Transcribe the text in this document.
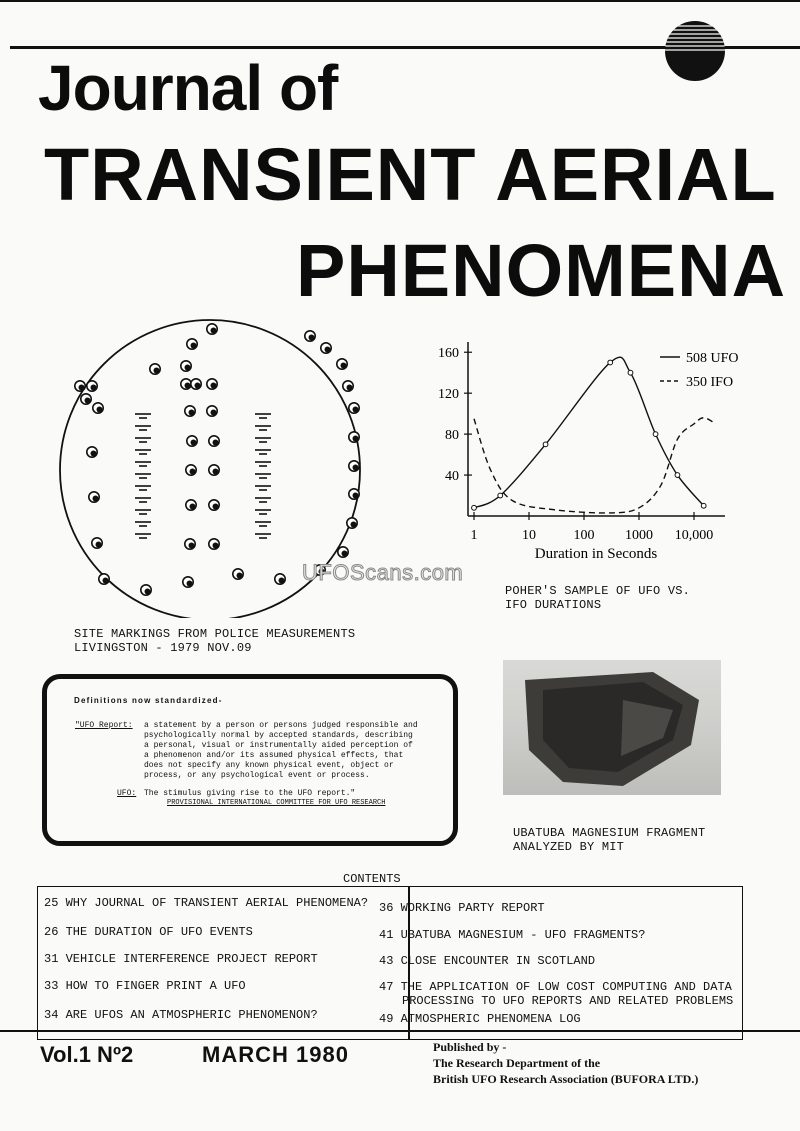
Journal of
TRANSIENT AERIAL
PHENOMENA
SITE MARKINGS FROM POLICE MEASUREMENTS
LIVINGSTON - 1979 NOV.09
40
80
120
160
1	10	100 1000 10,000
508 UFO
350 IFO
Duration in Seconds
POHER'S SAMPLE OF UFO VS.
IFO DURATIONS
UFOScans.com
Definitions now standardized-
"UFO Report: a statement by a person or persons judged responsible and
psychologically normal by accepted standards, describing
a personal, visual or instrumentally aided perception of
a phenomenon and/or its assumed physical effects, that
does not specify any known physical event, object or
process, or any psychological event or process.
UFO: The stimulus giving rise to the UFO report."
PROVISIONAL INTERNATIONAL COMMITTEE FOR UFO RESEARCH
UBATUBA MAGNESIUM FRAGMENT
ANALYZED BY MIT
CONTENTS
25 WHY JOURNAL OF TRANSIENT AERIAL PHENOMENA?
26 THE DURATION OF UFO EVENTS
31 VEHICLE INTERFERENCE PROJECT REPORT
33 HOW TO FINGER PRINT A UFO
34 ARE UFOS AN ATMOSPHERIC PHENOMENON?
36 WORKING PARTY REPORT
41 UBATUBA MAGNESIUM - UFO FRAGMENTS?
43 CLOSE ENCOUNTER IN SCOTLAND
47 THE APPLICATION OF LOW COST COMPUTING AND DATA
PROCESSING TO UFO REPORTS AND RELATED PROBLEMS
49 ATMOSPHERIC PHENOMENA LOG
Vol.1 Nº2	MARCH 1980	Published by -
The Research Department of the
British UFO Research Association (BUFORA LTD.)
